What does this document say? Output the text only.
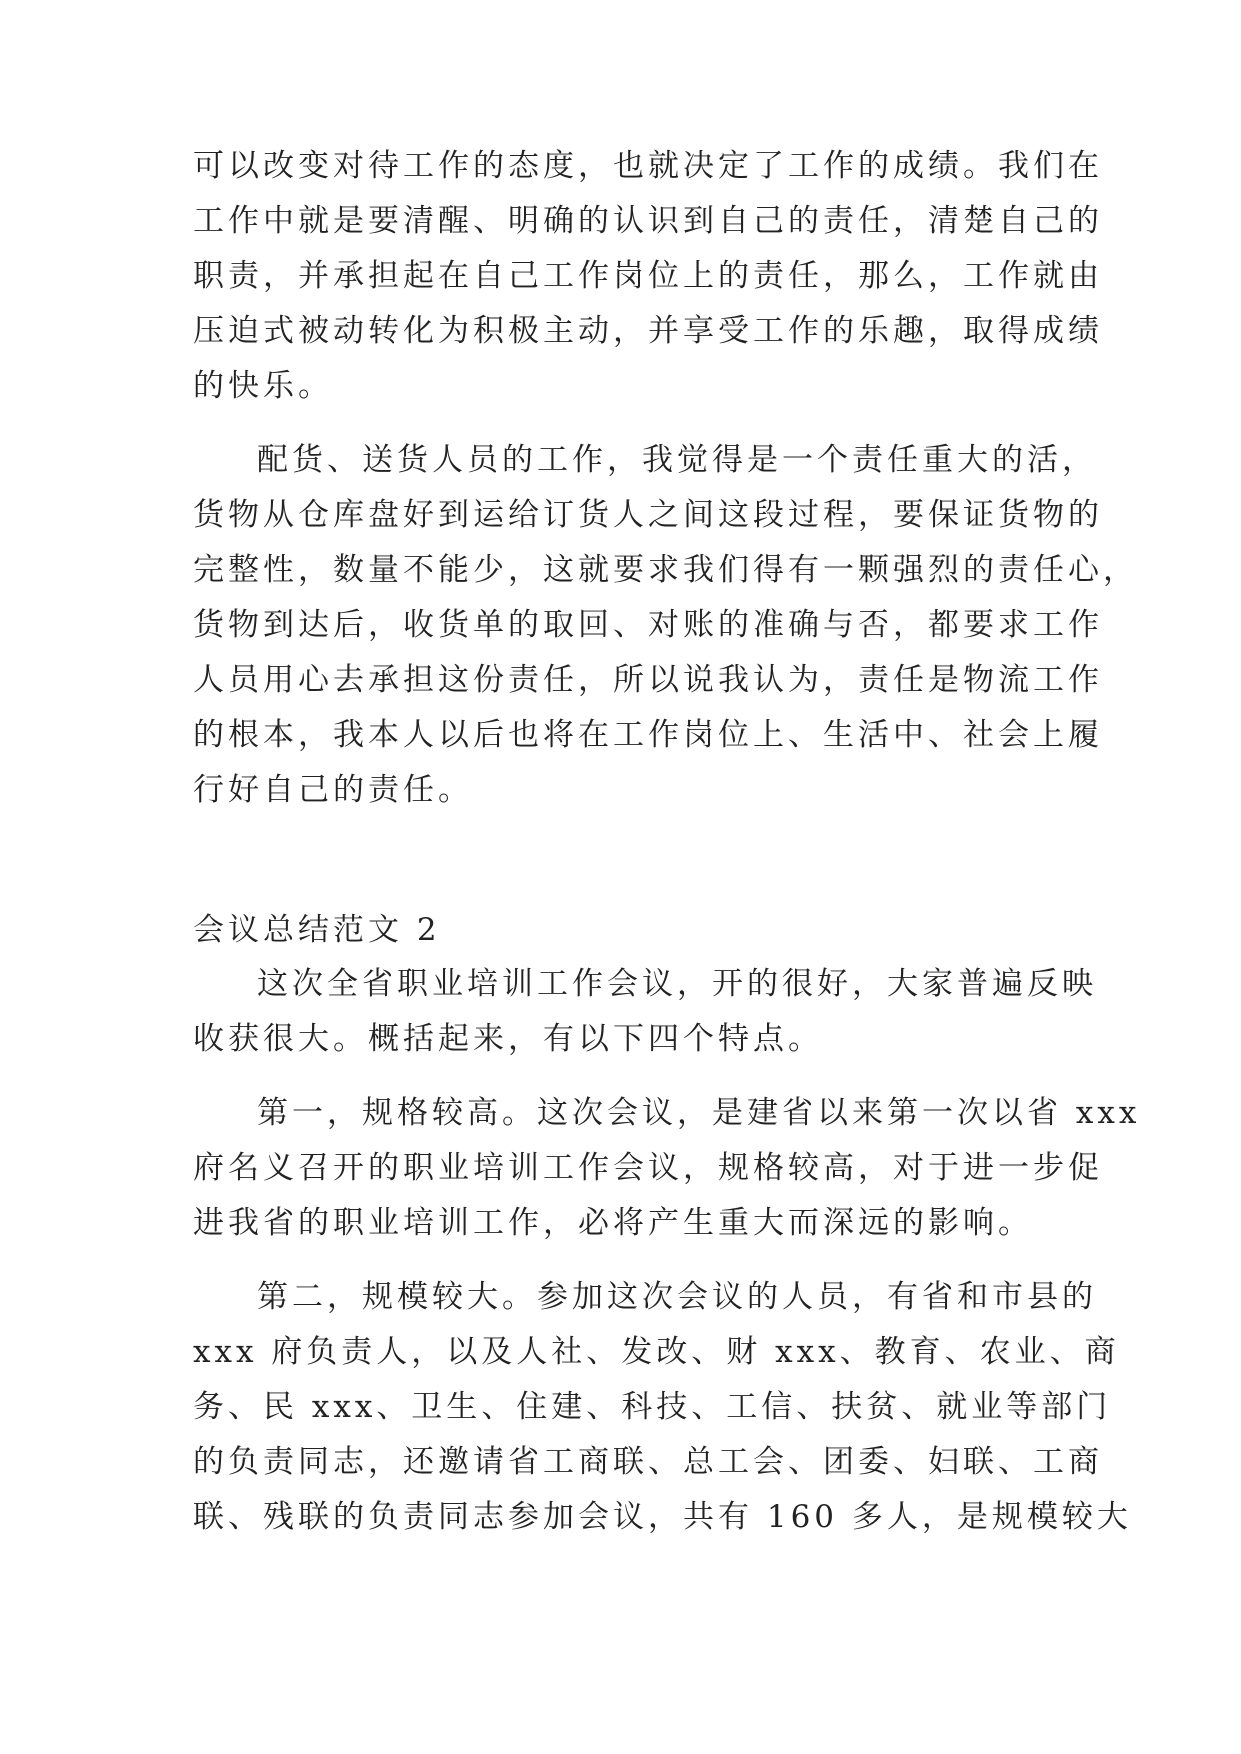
可以改变对待工作的态度，也就决定了工作的成绩。我们在
工作中就是要清醒、明确的认识到自己的责任，清楚自己的
职责，并承担起在自己工作岗位上的责任，那么，工作就由
压迫式被动转化为积极主动，并享受工作的乐趣，取得成绩
的快乐。
配货、送货人员的工作，我觉得是一个责任重大的活，
货物从仓库盘好到运给订货人之间这段过程，要保证货物的
完整性，数量不能少，这就要求我们得有一颗强烈的责任心，
货物到达后，收货单的取回、对账的准确与否，都要求工作
人员用心去承担这份责任，所以说我认为，责任是物流工作
的根本，我本人以后也将在工作岗位上、生活中、社会上履
行好自己的责任。
会议总结范文 2
这次全省职业培训工作会议，开的很好，大家普遍反映
收获很大。概括起来，有以下四个特点。
第一，规格较高。这次会议，是建省以来第一次以省 xxx
府名义召开的职业培训工作会议，规格较高，对于进一步促
进我省的职业培训工作，必将产生重大而深远的影响。
第二，规模较大。参加这次会议的人员，有省和市县的
xxx 府负责人，以及人社、发改、财 xxx、教育、农业、商
务、民 xxx、卫生、住建、科技、工信、扶贫、就业等部门
的负责同志，还邀请省工商联、总工会、团委、妇联、工商
联、残联的负责同志参加会议，共有 160 多人，是规模较大
